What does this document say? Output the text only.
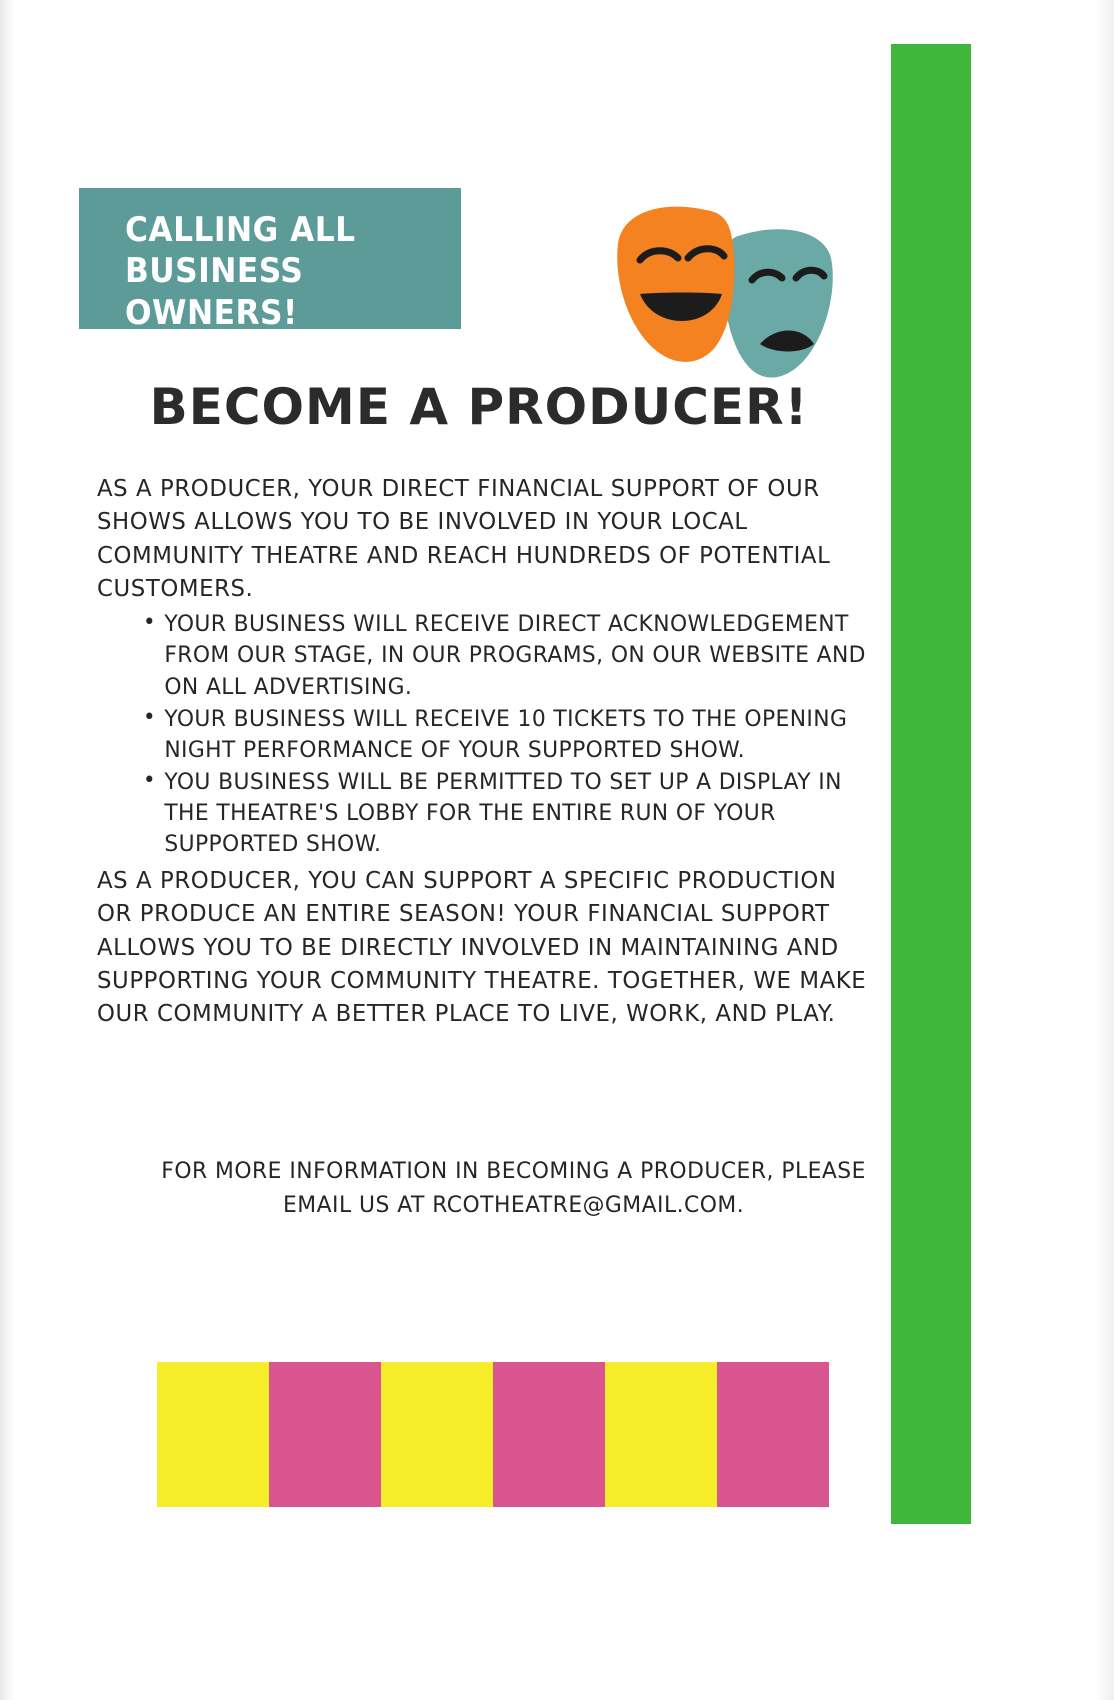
CALLING ALL
BUSINESS OWNERS!
BECOME A PRODUCER!

AS A PRODUCER, YOUR DIRECT FINANCIAL SUPPORT OF OUR SHOWS ALLOWS YOU TO BE INVOLVED IN YOUR LOCAL COMMUNITY THEATRE AND REACH HUNDREDS OF POTENTIAL CUSTOMERS.

• YOUR BUSINESS WILL RECEIVE DIRECT ACKNOWLEDGEMENT FROM OUR STAGE, IN OUR PROGRAMS, ON OUR WEBSITE AND ON ALL ADVERTISING.
• YOUR BUSINESS WILL RECEIVE 10 TICKETS TO THE OPENING NIGHT PERFORMANCE OF YOUR SUPPORTED SHOW.
• YOU BUSINESS WILL BE PERMITTED TO SET UP A DISPLAY IN THE THEATRE'S LOBBY FOR THE ENTIRE RUN OF YOUR SUPPORTED SHOW.

AS A PRODUCER, YOU CAN SUPPORT A SPECIFIC PRODUCTION OR PRODUCE AN ENTIRE SEASON! YOUR FINANCIAL SUPPORT ALLOWS YOU TO BE DIRECTLY INVOLVED IN MAINTAINING AND SUPPORTING YOUR COMMUNITY THEATRE. TOGETHER, WE MAKE OUR COMMUNITY A BETTER PLACE TO LIVE, WORK, AND PLAY.

FOR MORE INFORMATION IN BECOMING A PRODUCER, PLEASE EMAIL US AT RCOTHEATRE@GMAIL.COM.
